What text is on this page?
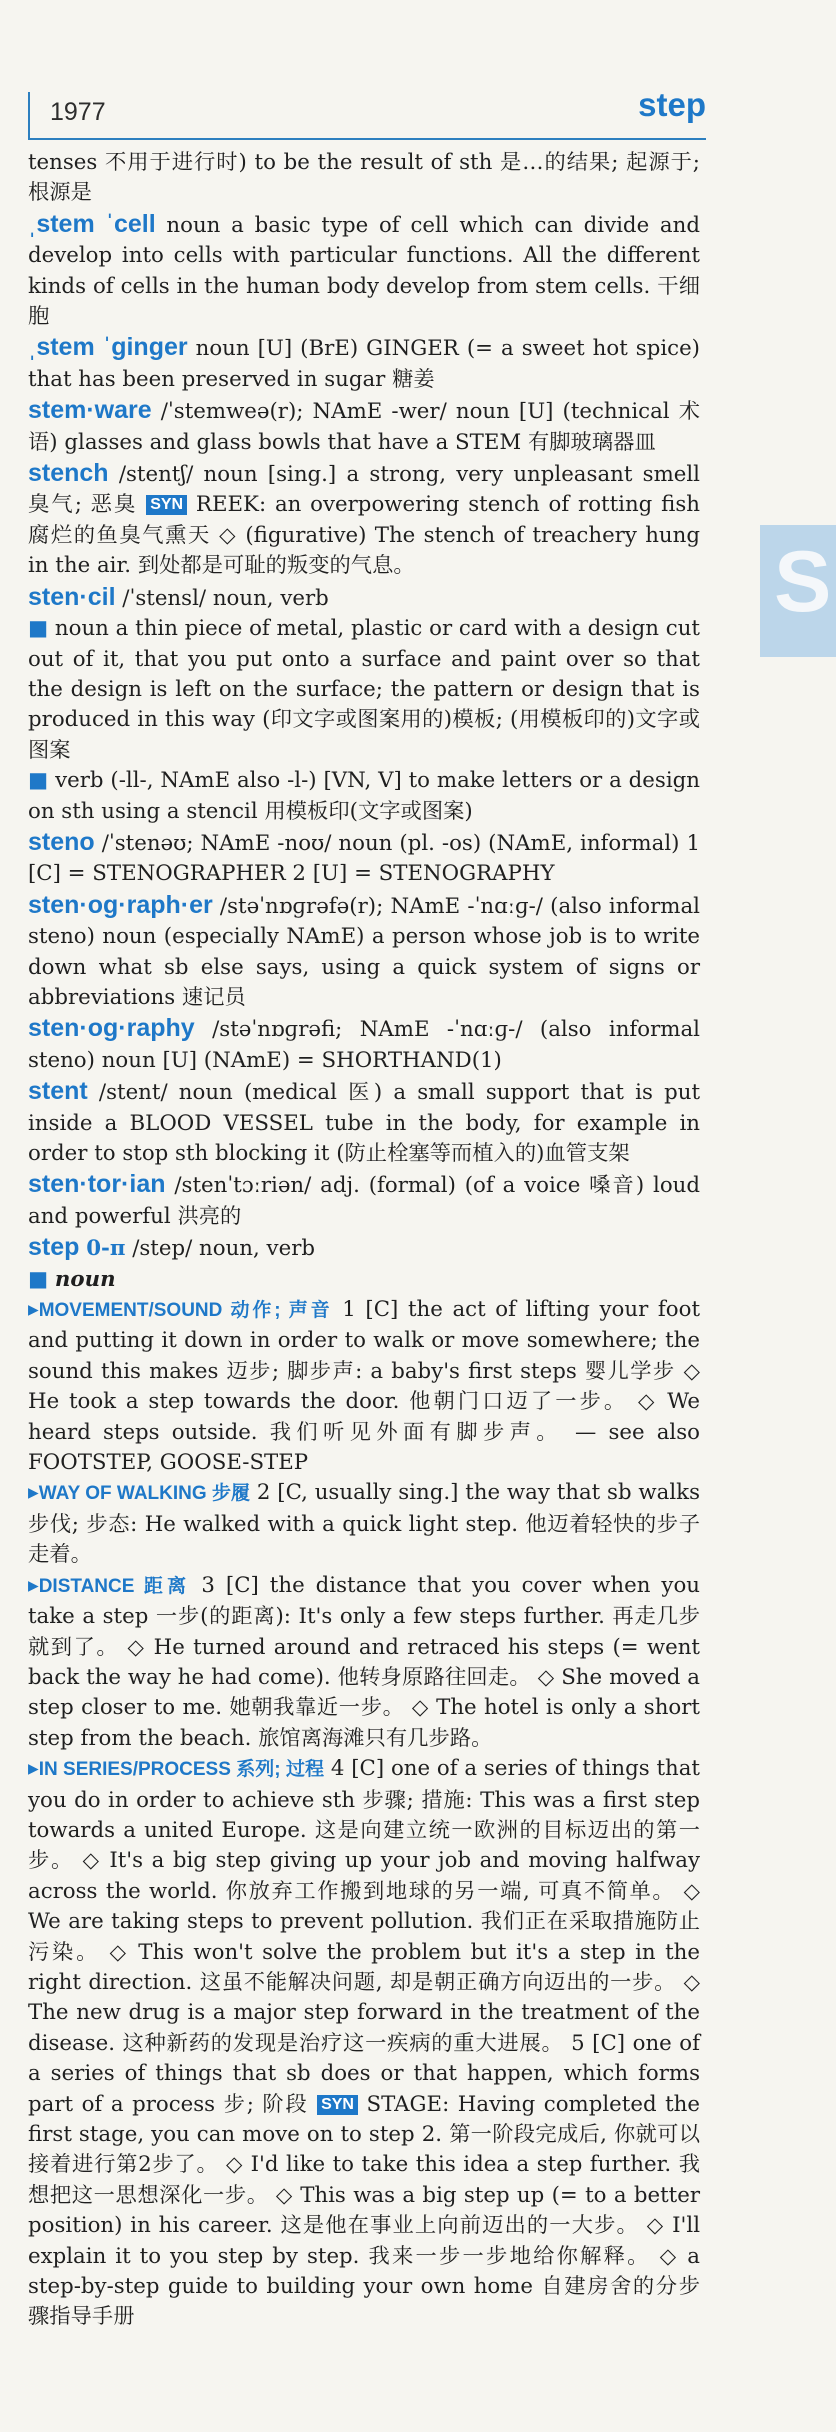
1977	step
S

tenses 不用于进行时) to be the result of sth 是…的结果; 起源于; 根源是

ˌstem ˈcell noun a basic type of cell which can divide and develop into cells with particular functions. All the different kinds of cells in the human body develop from stem cells. 干细胞

ˌstem ˈginger noun [U] (BrE) GINGER (= a sweet hot spice) that has been preserved in sugar 糖姜

stem·ware /ˈstemweə(r); NAmE -wer/ noun [U] (technical 术语) glasses and glass bowls that have a STEM 有脚玻璃器皿

stench /stentʃ/ noun [sing.] a strong, very unpleasant smell 臭气; 恶臭 SYN REEK: an overpowering stench of rotting fish 腐烂的鱼臭气熏天 ◇ (figurative) The stench of treachery hung in the air. 到处都是可耻的叛变的气息。

sten·cil /ˈstensl/ noun, verb

■ noun a thin piece of metal, plastic or card with a design cut out of it, that you put onto a surface and paint over so that the design is left on the surface; the pattern or design that is produced in this way (印文字或图案用的)模板; (用模板印的)文字或图案

■ verb (-ll-, NAmE also -l-) [VN, V] to make letters or a design on sth using a stencil 用模板印(文字或图案)

steno /ˈstenəʊ; NAmE -noʊ/ noun (pl. -os) (NAmE, informal) 1 [C] = STENOGRAPHER 2 [U] = STENOGRAPHY

sten·og·raph·er /stəˈnɒɡrəfə(r); NAmE -ˈnɑːɡ-/ (also informal steno) noun (especially NAmE) a person whose job is to write down what sb else says, using a quick system of signs or abbreviations 速记员

sten·og·raphy /stəˈnɒɡrəfi; NAmE -ˈnɑːɡ-/ (also informal steno) noun [U] (NAmE) = SHORTHAND(1)

stent /stent/ noun (medical 医) a small support that is put inside a BLOOD VESSEL tube in the body, for example in order to stop sth blocking it (防止栓塞等而植入的)血管支架

sten·tor·ian /stenˈtɔːriən/ adj. (formal) (of a voice 嗓音) loud and powerful 洪亮的

step 0-π /step/ noun, verb

■ noun

▸MOVEMENT/SOUND 动作; 声音 1 [C] the act of lifting your foot and putting it down in order to walk or move somewhere; the sound this makes 迈步; 脚步声: a baby's first steps 婴儿学步 ◇ He took a step towards the door. 他朝门口迈了一步。 ◇ We heard steps outside. 我们听见外面有脚步声。 — see also FOOTSTEP, GOOSE-STEP

▸WAY OF WALKING 步履 2 [C, usually sing.] the way that sb walks 步伐; 步态: He walked with a quick light step. 他迈着轻快的步子走着。

▸DISTANCE 距离 3 [C] the distance that you cover when you take a step 一步(的距离): It's only a few steps further. 再走几步就到了。 ◇ He turned around and retraced his steps (= went back the way he had come). 他转身原路往回走。 ◇ She moved a step closer to me. 她朝我靠近一步。 ◇ The hotel is only a short step from the beach. 旅馆离海滩只有几步路。

▸IN SERIES/PROCESS 系列; 过程 4 [C] one of a series of things that you do in order to achieve sth 步骤; 措施: This was a first step towards a united Europe. 这是向建立统一欧洲的目标迈出的第一步。 ◇ It's a big step giving up your job and moving halfway across the world. 你放弃工作搬到地球的另一端, 可真不简单。 ◇ We are taking steps to prevent pollution. 我们正在采取措施防止污染。 ◇ This won't solve the problem but it's a step in the right direction. 这虽不能解决问题, 却是朝正确方向迈出的一步。 ◇ The new drug is a major step forward in the treatment of the disease. 这种新药的发现是治疗这一疾病的重大进展。 5 [C] one of a series of things that sb does or that happen, which forms part of a process 步; 阶段 SYN STAGE: Having completed the first stage, you can move on to step 2. 第一阶段完成后, 你就可以接着进行第2步了。 ◇ I'd like to take this idea a step further. 我想把这一思想深化一步。 ◇ This was a big step up (= to a better position) in his career. 这是他在事业上向前迈出的一大步。 ◇ I'll explain it to you step by step. 我来一步一步地给你解释。 ◇ a step-by-step guide to building your own home 自建房舍的分步骤指导手册
